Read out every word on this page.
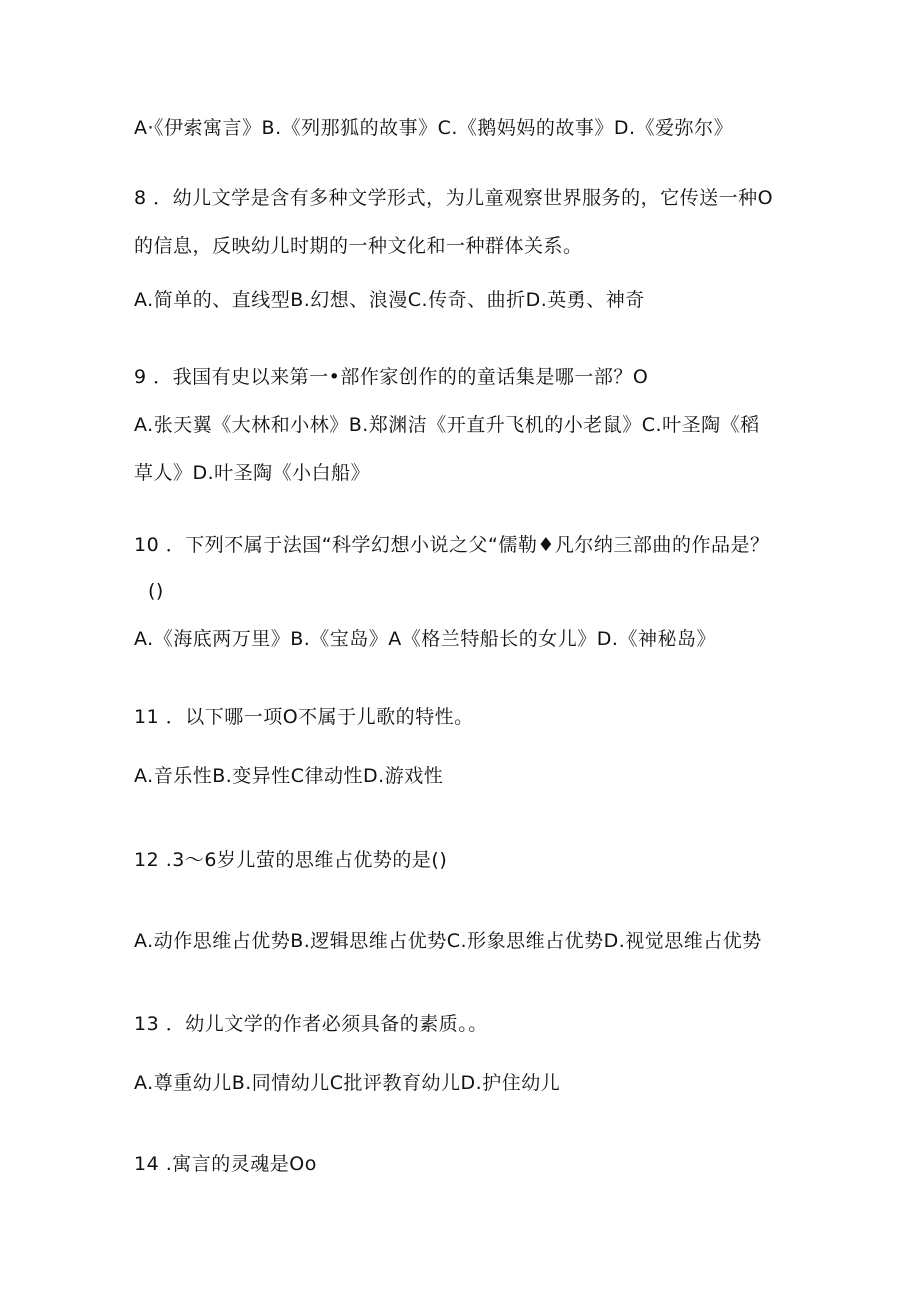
A·《伊索寓言》B.《列那狐的故事》C.《鹅妈妈的故事》D.《爱弥尔》
8 ．幼儿文学是含有多种文学形式，为儿童观察世界服务的，它传送一种O
的信息，反映幼儿时期的一种文化和一种群体关系。
A.简单的、直线型B.幻想、浪漫C.传奇、曲折D.英勇、神奇
9 ．我国有史以来第一•部作家创作的的童话集是哪一部？O
A.张天翼《大林和小林》B.郑渊洁《开直升飞机的小老鼠》C.叶圣陶《稻
草人》D.叶圣陶《小白船》
10 ．下列不属于法国“科学幻想小说之父“儒勒♦凡尔纳三部曲的作品是？
()
A.《海底两万里》B.《宝岛》A《格兰特船长的女儿》D.《神秘岛》
11 ．以下哪一项O不属于儿歌的特性。
A.音乐性B.变异性C律动性D.游戏性
12 .3～6岁儿萤的思维占优势的是()
A.动作思维占优势B.逻辑思维占优势C.形象思维占优势D.视觉思维占优势
13 ．幼儿文学的作者必须具备的素质。。
A.尊重幼儿B.同情幼儿C批评教育幼儿D.护住幼儿
14 .寓言的灵魂是Oo
